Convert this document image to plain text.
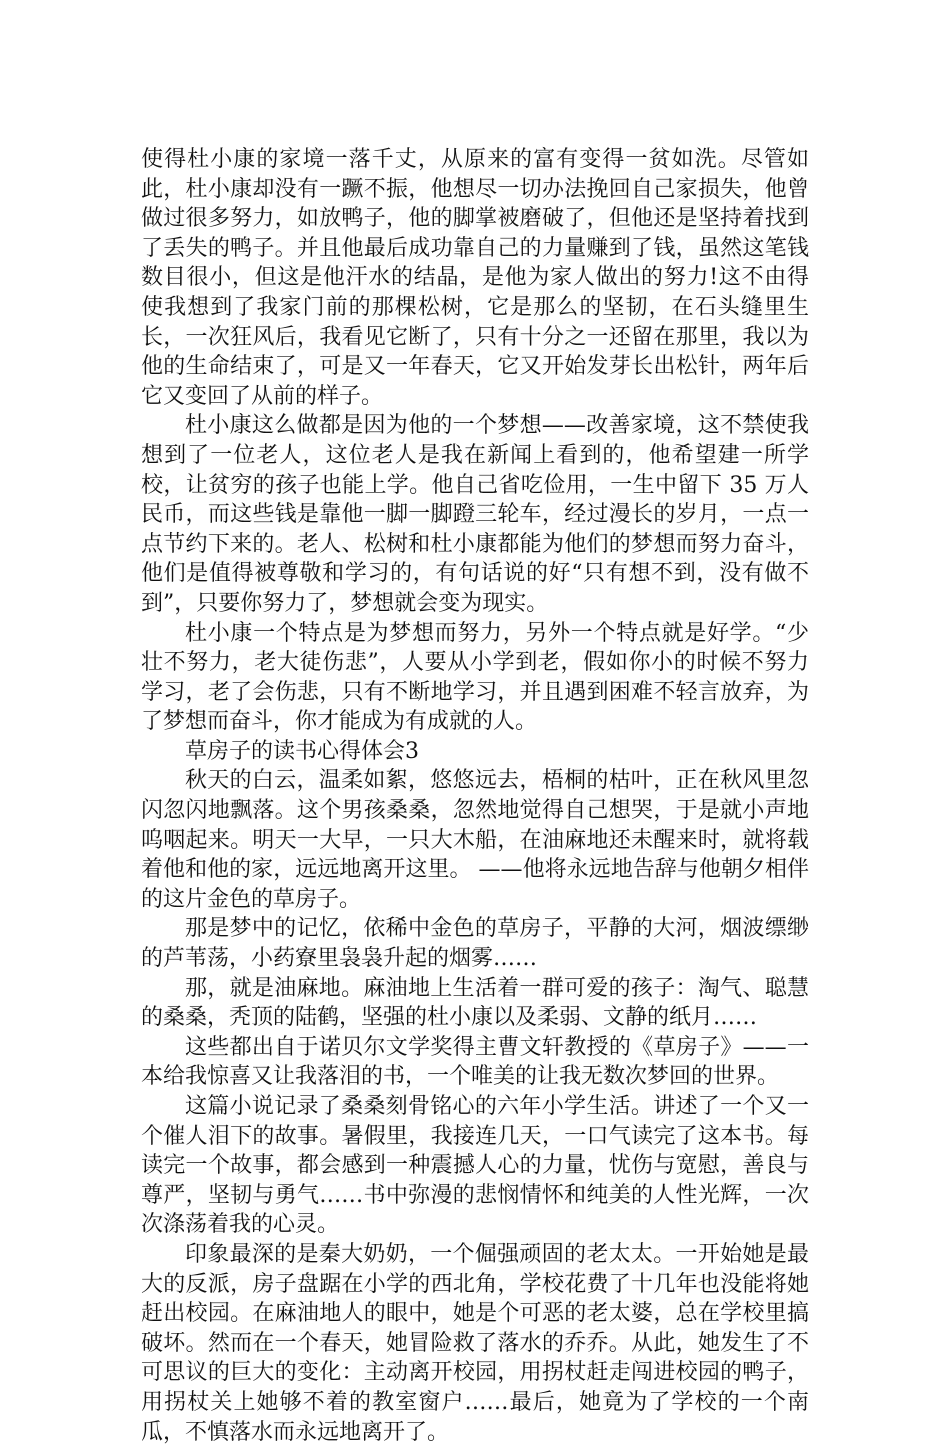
使得杜小康的家境一落千丈，从原来的富有变得一贫如洗。尽管如此，杜小康却没有一蹶不振，他想尽一切办法挽回自己家损失，他曾做过很多努力，如放鸭子，他的脚掌被磨破了，但他还是坚持着找到了丢失的鸭子。并且他最后成功靠自己的力量赚到了钱，虽然这笔钱数目很小，但这是他汗水的结晶，是他为家人做出的努力!这不由得使我想到了我家门前的那棵松树，它是那么的坚韧，在石头缝里生长，一次狂风后，我看见它断了，只有十分之一还留在那里，我以为他的生命结束了，可是又一年春天，它又开始发芽长出松针，两年后它又变回了从前的样子。

杜小康这么做都是因为他的一个梦想——改善家境，这不禁使我想到了一位老人，这位老人是我在新闻上看到的，他希望建一所学校，让贫穷的孩子也能上学。他自己省吃俭用，一生中留下 35 万人民币，而这些钱是靠他一脚一脚蹬三轮车，经过漫长的岁月，一点一点节约下来的。老人、松树和杜小康都能为他们的梦想而努力奋斗，他们是值得被尊敬和学习的，有句话说的好“只有想不到，没有做不到”，只要你努力了，梦想就会变为现实。

杜小康一个特点是为梦想而努力，另外一个特点就是好学。“少壮不努力，老大徒伤悲”，人要从小学到老，假如你小的时候不努力学习，老了会伤悲，只有不断地学习，并且遇到困难不轻言放弃，为了梦想而奋斗，你才能成为有成就的人。

草房子的读书心得体会3

秋天的白云，温柔如絮，悠悠远去，梧桐的枯叶，正在秋风里忽闪忽闪地飘落。这个男孩桑桑，忽然地觉得自己想哭，于是就小声地呜咽起来。明天一大早，一只大木船，在油麻地还未醒来时，就将载着他和他的家，远远地离开这里。 ——他将永远地告辞与他朝夕相伴的这片金色的草房子。

那是梦中的记忆，依稀中金色的草房子，平静的大河，烟波缥缈的芦苇荡，小药寮里袅袅升起的烟雾……

那，就是油麻地。麻油地上生活着一群可爱的孩子：淘气、聪慧的桑桑，秃顶的陆鹤，坚强的杜小康以及柔弱、文静的纸月……

这些都出自于诺贝尔文学奖得主曹文轩教授的《草房子》——一本给我惊喜又让我落泪的书，一个唯美的让我无数次梦回的世界。

这篇小说记录了桑桑刻骨铭心的六年小学生活。讲述了一个又一个催人泪下的故事。暑假里，我接连几天，一口气读完了这本书。每读完一个故事，都会感到一种震撼人心的力量，忧伤与宽慰，善良与尊严，坚韧与勇气……书中弥漫的悲悯情怀和纯美的人性光辉，一次次涤荡着我的心灵。

印象最深的是秦大奶奶，一个倔强顽固的老太太。一开始她是最大的反派，房子盘踞在小学的西北角，学校花费了十几年也没能将她赶出校园。在麻油地人的眼中，她是个可恶的老太婆，总在学校里搞破坏。然而在一个春天，她冒险救了落水的乔乔。从此，她发生了不可思议的巨大的变化：主动离开校园，用拐杖赶走闯进校园的鸭子，用拐杖关上她够不着的教室窗户……最后，她竟为了学校的一个南瓜，不慎落水而永远地离开了。
